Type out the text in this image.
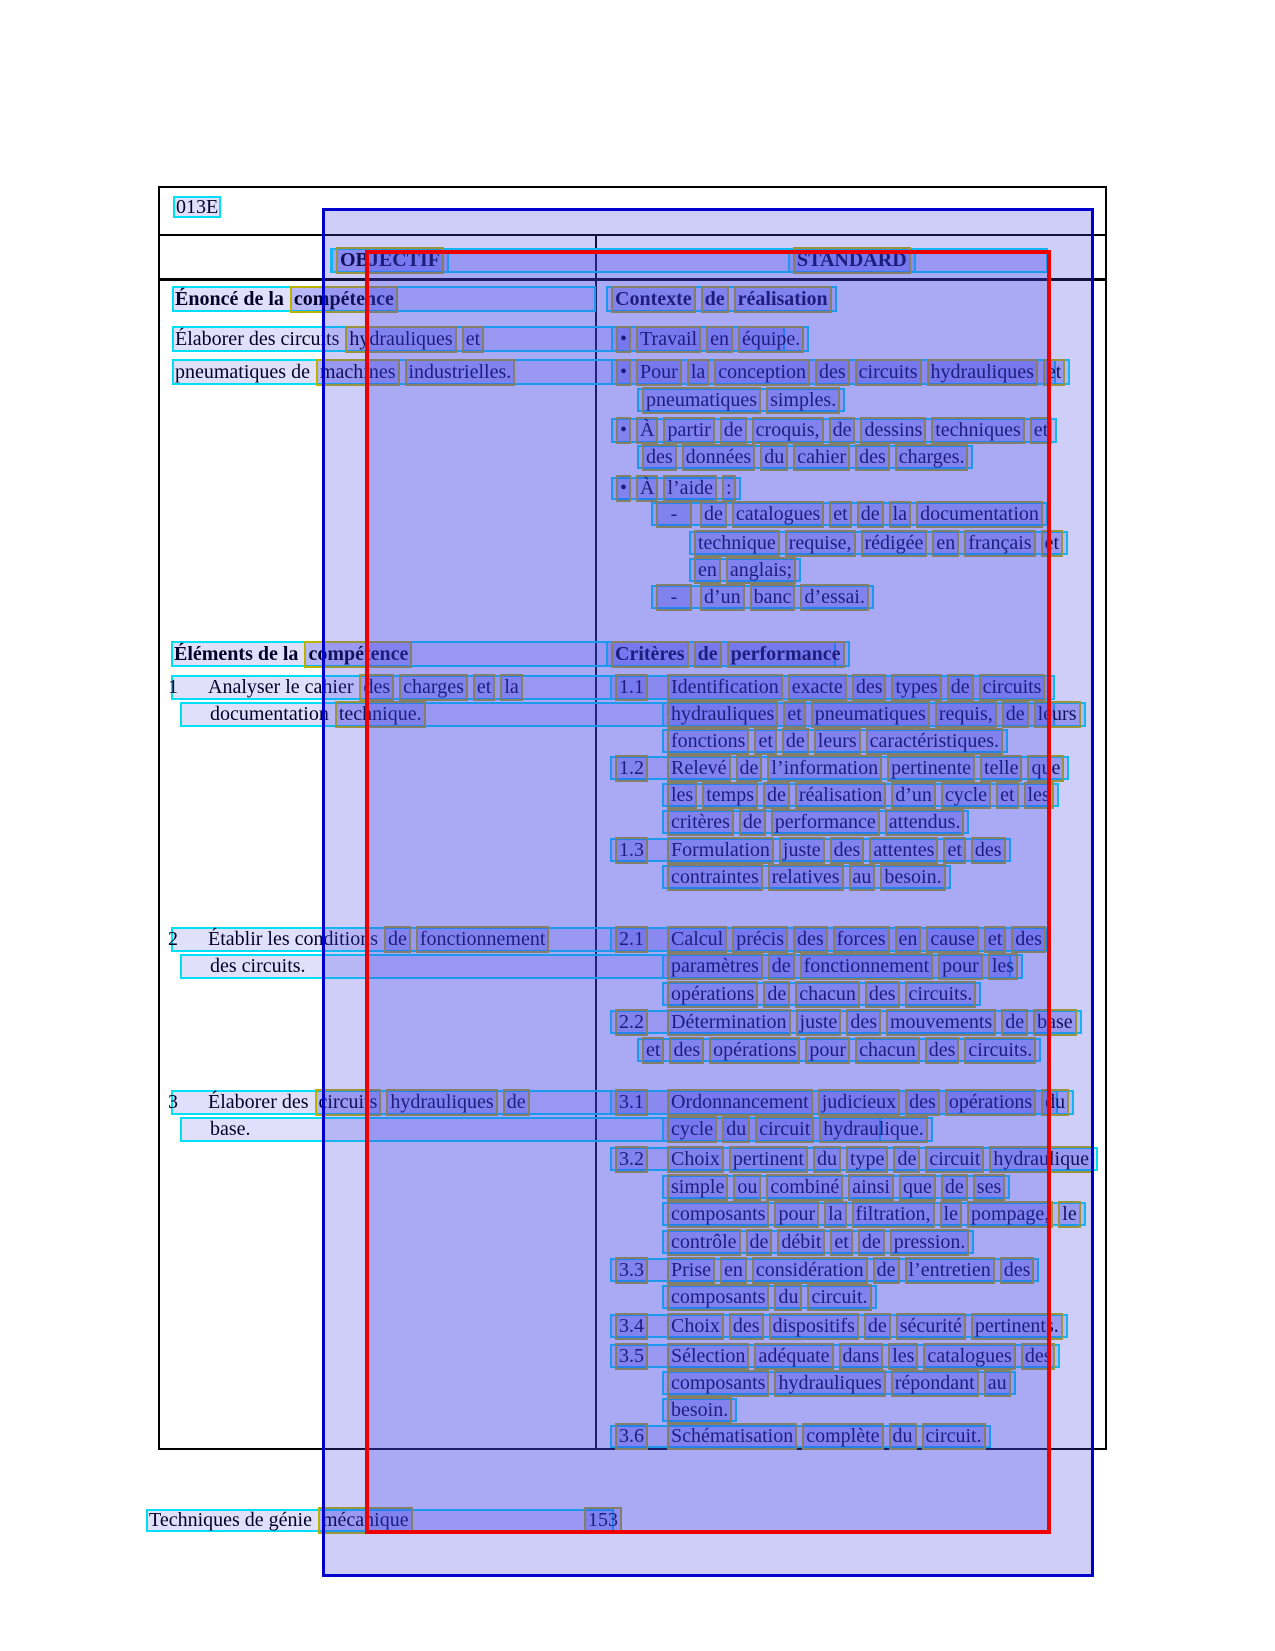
013E
OBJECTIF	STANDARD
Énoncé de la compétence	Contexte de réalisation
Élaborer des circuits hydrauliques et	• Travail en équipe.
pneumatiques de machines industrielles.	• Pour la conception des circuits hydrauliques et
pneumatiques simples.
• À partir de croquis, de dessins techniques et
des données du cahier des charges.
• À l’aide :
-	de catalogues et de la documentation
technique requise, rédigée en français et
en anglais;
-	d’un banc d’essai.
Éléments de la compétence	Critères de performance
1 Analyser le cahier des charges et la	1.1 Identification exacte des types de circuits
documentation technique.	hydrauliques et pneumatiques requis, de leurs
fonctions et de leurs caractéristiques.
1.2 Relevé de l’information pertinente telle que
les temps de réalisation d’un cycle et les
critères de performance attendus.
1.3 Formulation juste des attentes et des
contraintes relatives au besoin.
2 Établir les conditions de fonctionnement	2.1 Calcul précis des forces en cause et des
des circuits.	paramètres de fonctionnement pour les
opérations de chacun des circuits.
2.2 Détermination juste des mouvements de base
et des opérations pour chacun des circuits.
3 Élaborer des circuits hydrauliques de	3.1 Ordonnancement judicieux des opérations du
base.	cycle du circuit hydraulique.
3.2 Choix pertinent du type de circuit hydraulique
simple ou combiné ainsi que de ses
composants pour la filtration, le pompage, le
contrôle de débit et de pression.
3.3 Prise en considération de l’entretien des
composants du circuit.
3.4 Choix des dispositifs de sécurité pertinents.
3.5 Sélection adéquate dans les catalogues des
composants hydrauliques répondant au
besoin.
3.6 Schématisation complète du circuit.
Techniques de génie mécanique	153
